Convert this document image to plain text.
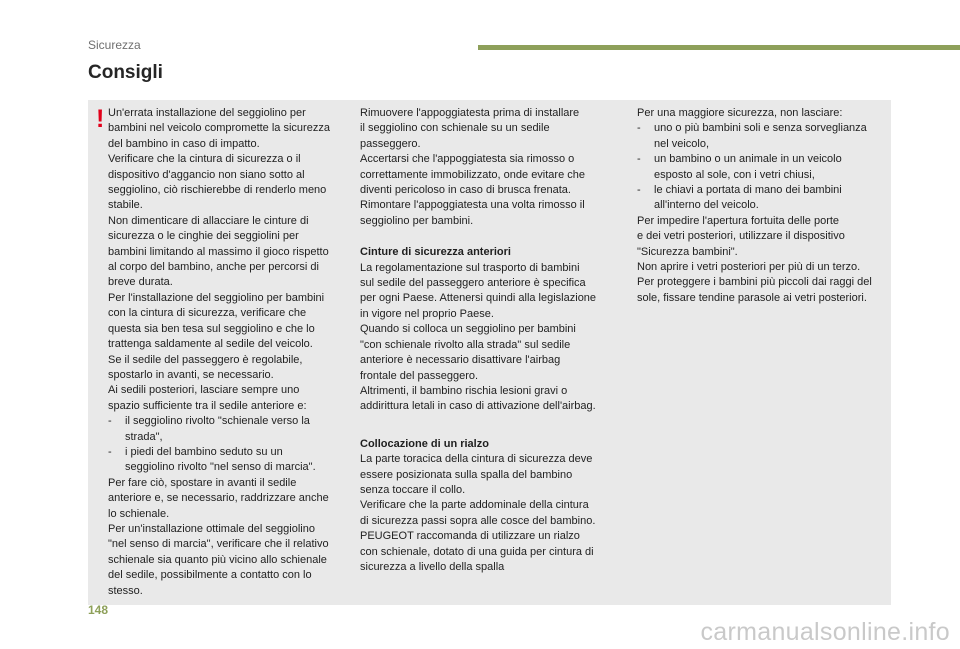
Sicurezza
Consigli
! Un'errata installazione del seggiolino per
bambini nel veicolo compromette la sicurezza
del bambino in caso di impatto.
Verificare che la cintura di sicurezza o il
dispositivo d'aggancio non siano sotto al
seggiolino, ciò rischierebbe di renderlo meno
stabile.
Non dimenticare di allacciare le cinture di
sicurezza o le cinghie dei seggiolini per
bambini limitando al massimo il gioco rispetto
al corpo del bambino, anche per percorsi di
breve durata.
Per l'installazione del seggiolino per bambini
con la cintura di sicurezza, verificare che
questa sia ben tesa sul seggiolino e che lo
trattenga saldamente al sedile del veicolo.
Se il sedile del passeggero è regolabile,
spostarlo in avanti, se necessario.
Ai sedili posteriori, lasciare sempre uno
spazio sufficiente tra il sedile anteriore e:

-	il seggiolino rivolto "schienale verso la
strada",

-	i piedi del bambino seduto su un
seggiolino rivolto "nel senso di marcia".

Per fare ciò, spostare in avanti il sedile
anteriore e, se necessario, raddrizzare anche
lo schienale.
Per un'installazione ottimale del seggiolino
"nel senso di marcia", verificare che il relativo
schienale sia quanto più vicino allo schienale
del sedile, possibilmente a contatto con lo
stesso.

Rimuovere l'appoggiatesta prima di installare
il seggiolino con schienale su un sedile
passeggero.
Accertarsi che l'appoggiatesta sia rimosso o
correttamente immobilizzato, onde evitare che
diventi pericoloso in caso di brusca frenata.
Rimontare l'appoggiatesta una volta rimosso il
seggiolino per bambini.

Cinture di sicurezza anteriori

La regolamentazione sul trasporto di bambini
sul sedile del passeggero anteriore è specifica
per ogni Paese. Attenersi quindi alla legislazione
in vigore nel proprio Paese.
Quando si colloca un seggiolino per bambini
"con schienale rivolto alla strada" sul sedile
anteriore è necessario disattivare l'airbag
frontale del passeggero.
Altrimenti, il bambino rischia lesioni gravi o
addirittura letali in caso di attivazione dell'airbag.

Collocazione di un rialzo

La parte toracica della cintura di sicurezza deve
essere posizionata sulla spalla del bambino
senza toccare il collo.
Verificare che la parte addominale della cintura
di sicurezza passi sopra alle cosce del bambino.
PEUGEOT raccomanda di utilizzare un rialzo
con schienale, dotato di una guida per cintura di
sicurezza a livello della spalla

Per una maggiore sicurezza, non lasciare:

-	uno o più bambini soli e senza sorveglianza
nel veicolo,

-	un bambino o un animale in un veicolo
esposto al sole, con i vetri chiusi,

-	le chiavi a portata di mano dei bambini
all'interno del veicolo.

Per impedire l'apertura fortuita delle porte
e dei vetri posteriori, utilizzare il dispositivo
"Sicurezza bambini".
Non aprire i vetri posteriori per più di un terzo.
Per proteggere i bambini più piccoli dai raggi del
sole, fissare tendine parasole ai vetri posteriori.

148
carmanualsonline.info
